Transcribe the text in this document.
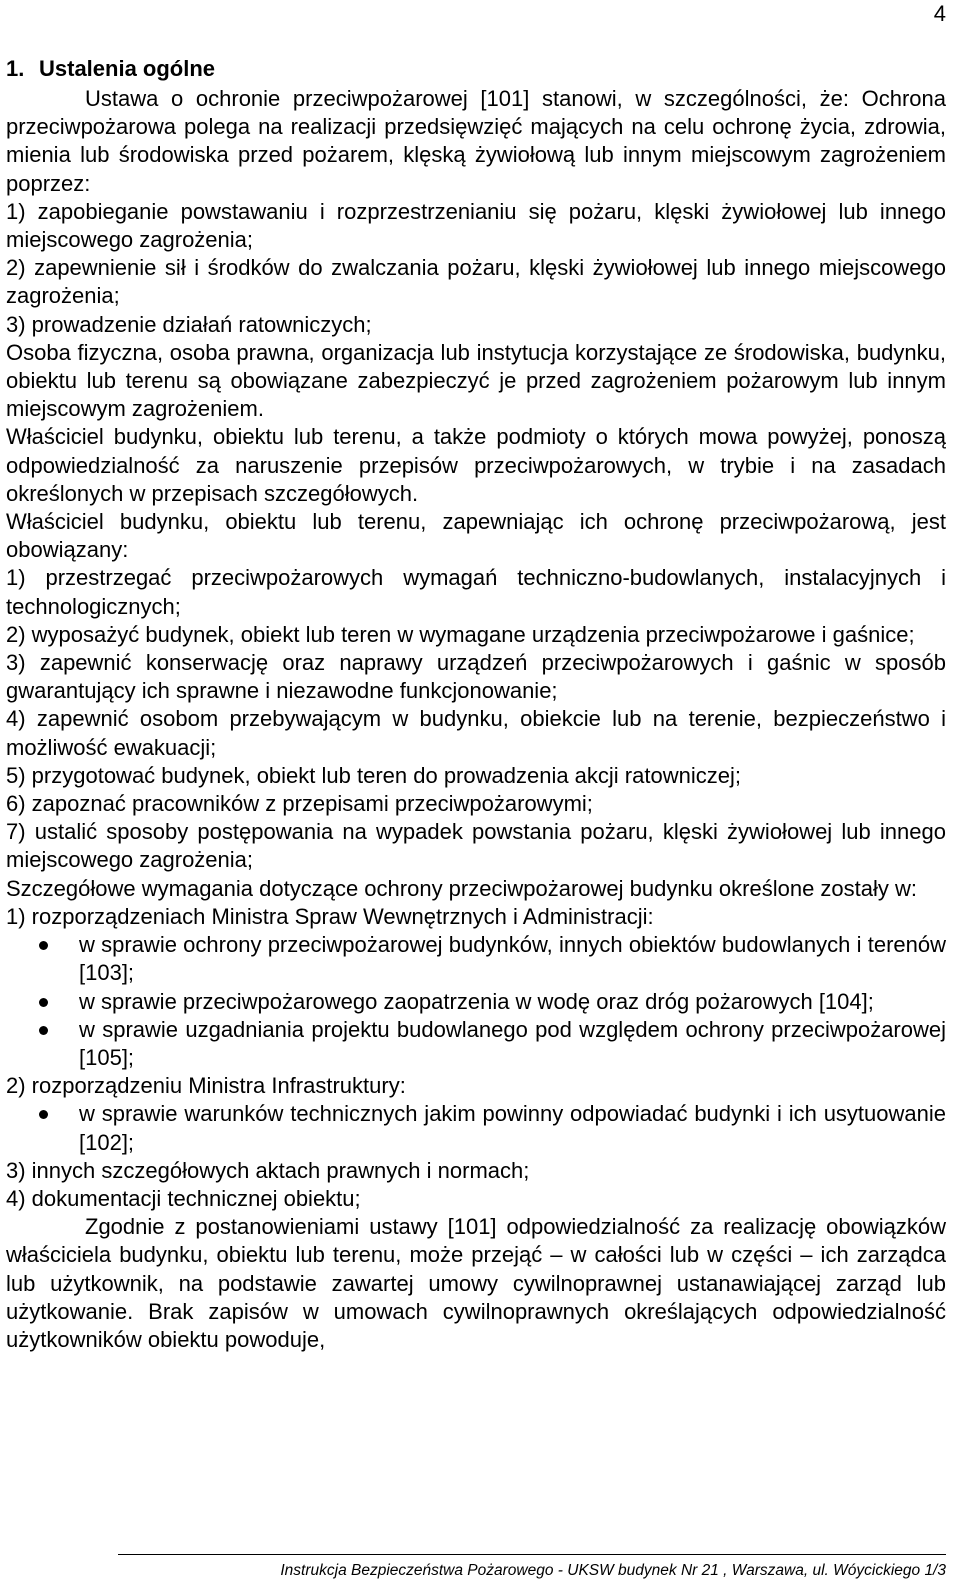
4

1. Ustalenia ogólne

Ustawa o ochronie przeciwpożarowej [101] stanowi, w szczególności, że: Ochrona przeciwpożarowa polega na realizacji przedsięwzięć mających na celu ochronę życia, zdrowia, mienia lub środowiska przed pożarem, klęską żywiołową lub innym miejscowym zagrożeniem poprzez:

1) zapobieganie powstawaniu i rozprzestrzenianiu się pożaru, klęski żywiołowej lub innego miejscowego zagrożenia;

2) zapewnienie sił i środków do zwalczania pożaru, klęski żywiołowej lub innego miejscowego zagrożenia;

3) prowadzenie działań ratowniczych;

Osoba fizyczna, osoba prawna, organizacja lub instytucja korzystające ze środowiska, budynku, obiektu lub terenu są obowiązane zabezpieczyć je przed zagrożeniem pożarowym lub innym miejscowym zagrożeniem.

Właściciel budynku, obiektu lub terenu, a także podmioty o których mowa powyżej, ponoszą odpowiedzialność za naruszenie przepisów przeciwpożarowych, w trybie i na zasadach określonych w przepisach szczegółowych.

Właściciel budynku, obiektu lub terenu, zapewniając ich ochronę przeciwpożarową, jest obowiązany:

1) przestrzegać przeciwpożarowych wymagań techniczno-budowlanych, instalacyjnych i technologicznych;

2) wyposażyć budynek, obiekt lub teren w wymagane urządzenia przeciwpożarowe i gaśnice;

3) zapewnić konserwację oraz naprawy urządzeń przeciwpożarowych i gaśnic w sposób gwarantujący ich sprawne i niezawodne funkcjonowanie;

4) zapewnić osobom przebywającym w budynku, obiekcie lub na terenie, bezpieczeństwo i możliwość ewakuacji;

5) przygotować budynek, obiekt lub teren do prowadzenia akcji ratowniczej;

6) zapoznać pracowników z przepisami przeciwpożarowymi;

7) ustalić sposoby postępowania na wypadek powstania pożaru, klęski żywiołowej lub innego miejscowego zagrożenia;

Szczegółowe wymagania dotyczące ochrony przeciwpożarowej budynku określone zostały w:

1) rozporządzeniach Ministra Spraw Wewnętrznych i Administracji:

w sprawie ochrony przeciwpożarowej budynków, innych obiektów budowlanych i terenów [103];
w sprawie przeciwpożarowego zaopatrzenia w wodę oraz dróg pożarowych [104];
w sprawie uzgadniania projektu budowlanego pod względem ochrony przeciwpożarowej [105];

2) rozporządzeniu Ministra Infrastruktury:

w sprawie warunków technicznych jakim powinny odpowiadać budynki i ich usytuowanie [102];

3) innych szczegółowych aktach prawnych i normach;

4) dokumentacji technicznej obiektu;

Zgodnie z postanowieniami ustawy [101] odpowiedzialność za realizację obowiązków właściciela budynku, obiektu lub terenu, może przejąć – w całości lub w części – ich zarządca lub użytkownik, na podstawie zawartej umowy cywilnoprawnej ustanawiającej zarząd lub użytkowanie. Brak zapisów w umowach cywilnoprawnych określających odpowiedzialność użytkowników obiektu powoduje,

Instrukcja Bezpieczeństwa Pożarowego - UKSW budynek Nr 21 , Warszawa, ul. Wóycickiego 1/3
